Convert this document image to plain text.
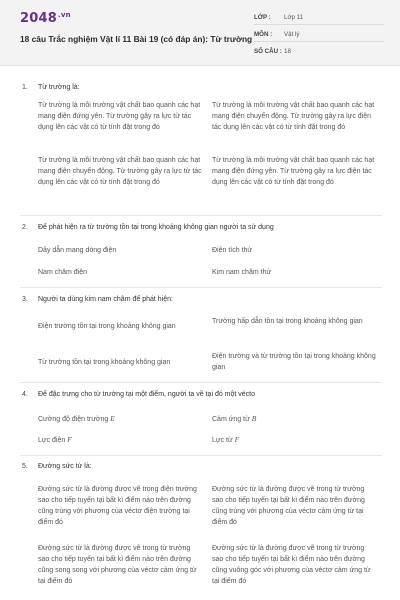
$2048^{.vn}$
18 câu Trắc nghiệm Vật lí 11 Bài 19 (có đáp án): Từ trường
LỚP : Lớp 11
MÔN : Vật lý
SỐ CÂU : 18
1. Từ trường là:
Từ trường là môi trường vật chất bao quanh các hạt mang điện đứng yên. Từ trường gây ra lực từ tác dụng lên các vật có từ tính đặt trong đó
Từ trường là môi trường vật chất bao quanh các hạt mang điện chuyển động. Từ trường gây ra lực điện tác dụng lên các vật có từ tính đặt trong đó
Từ trường là môi trường vật chất bao quanh các hạt mang điện chuyển động. Từ trường gây ra lực từ tác dụng lên các vật có từ tính đặt trong đó
Từ trường là môi trường vật chất bao quanh các hạt mang điện đứng yên. Từ trường gây ra lực điện tác dụng lên các vật có từ tính đặt trong đó
2. Để phát hiện ra từ trường tồn tại trong khoảng không gian người ta sử dụng
Dây dẫn mang dòng điện	Điện tích thử
Nam châm điện	Kim nam châm thử
3. Người ta dùng kim nam châm để phát hiện:
Điện trường tồn tại trong khoảng không gian
Trường hấp dẫn tồn tại trong khoảng không gian
Từ trường tồn tại trong khoảng không gian
Điện trường và từ trường tồn tại trong khoảng không gian
4. Để đặc trưng cho từ trường tại một điểm, người ta về tại đó một vécto
Cường độ điện trường E	Cảm ứng từ B
Lực điện F	Lực từ F
5. Đường sức từ là:
Đường sức từ là đường được vẽ trong điện trường sao cho tiếp tuyến tại bất kì điểm nào trên đường cũng trùng với phương của véctơ điện trường tại điểm đó
Đường sức từ là đường được vẽ trong từ trường sao cho tiếp tuyến tại bất kì điểm nào trên đường cũng trùng với phương của véctơ cảm ứng từ tại điểm đó
Đường sức từ là đường được vẽ trong từ trường sao cho tiếp tuyến tại bất kì điểm nào trên đường cũng song song với phương của véctơ cảm ứng từ tại điểm đó
Đường sức từ là đường được vẽ trong từ trường sao cho tiếp tuyến tại bất kì điểm nào trên đường cũng vuông góc với phương của véctơ cảm ứng từ tại điểm đó
